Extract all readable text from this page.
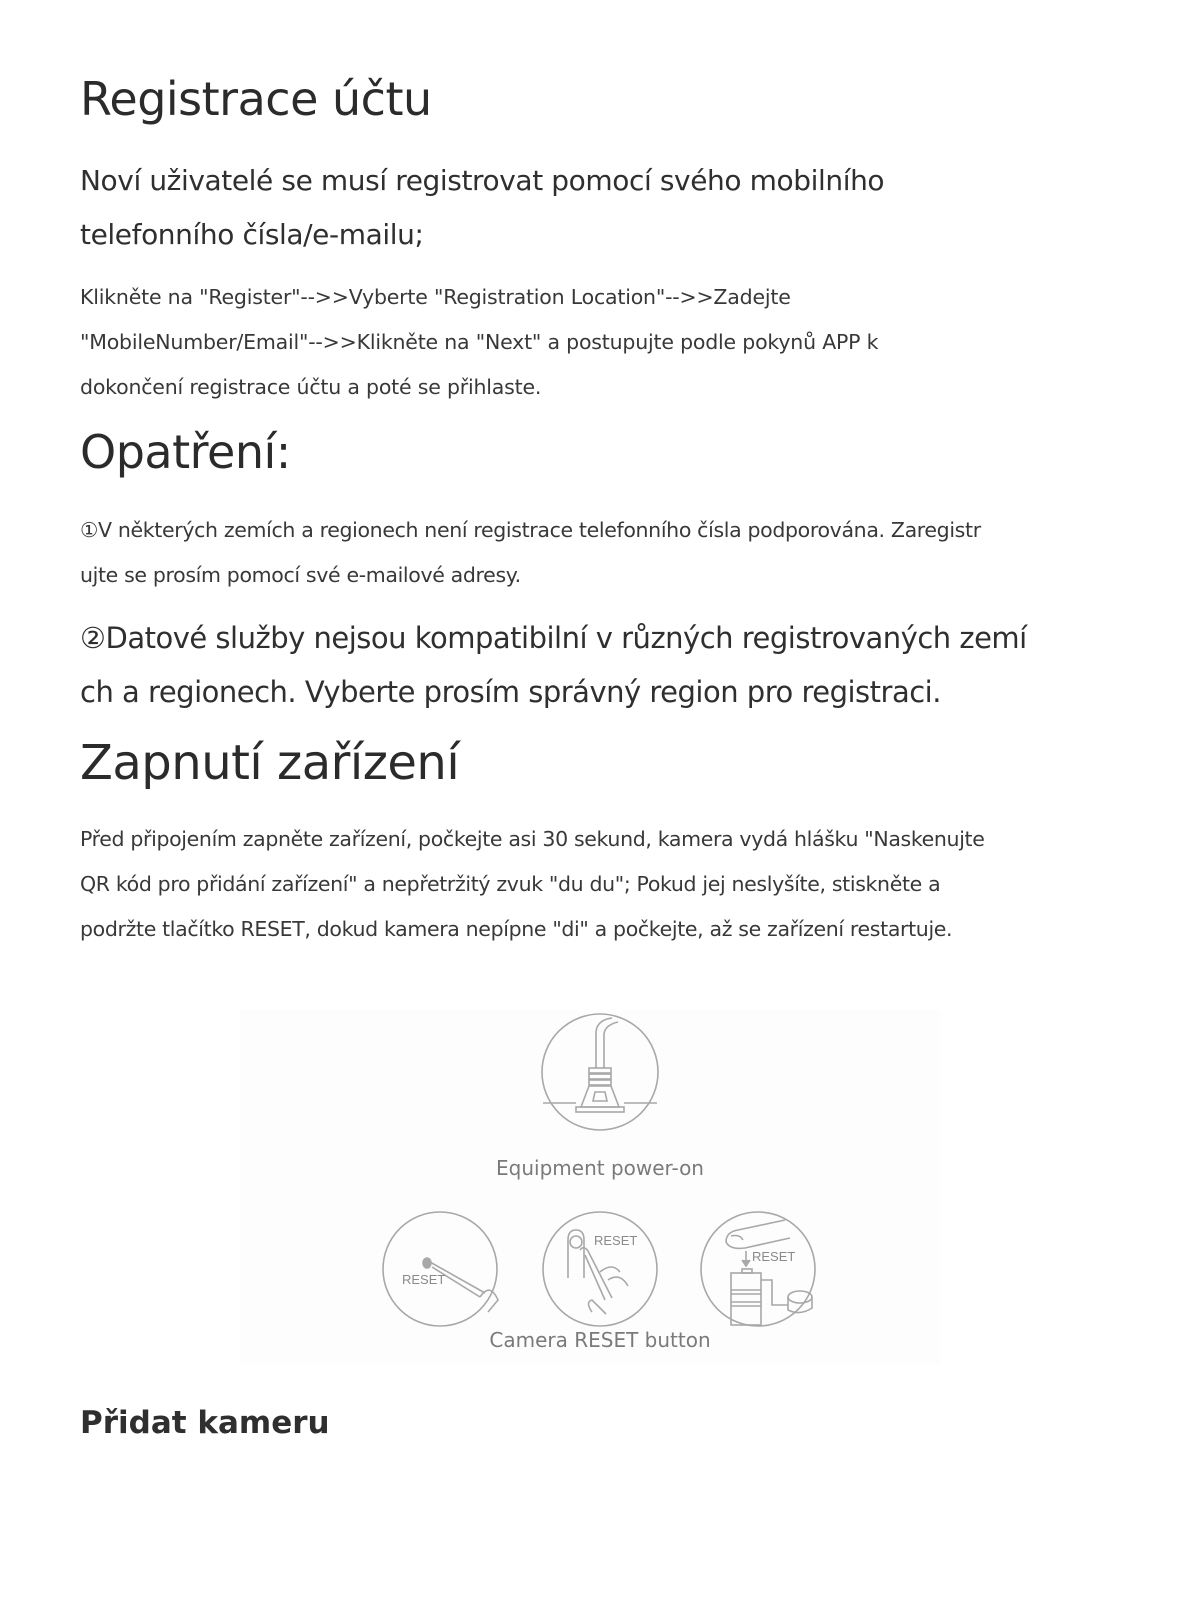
Registrace účtu

Noví uživatelé se musí registrovat pomocí svého mobilního
telefonního čísla/e-mailu;

Klikněte na "Register"-->>Vyberte "Registration Location"-->>Zadejte
"MobileNumber/Email"-->>Klikněte na "Next" a postupujte podle pokynů APP k
dokončení registrace účtu a poté se přihlaste.

Opatření:

①V některých zemích a regionech není registrace telefonního čísla podporována. Zaregistr
ujte se prosím pomocí své e-mailové adresy.

②Datové služby nejsou kompatibilní v různých registrovaných zemí
ch a regionech. Vyberte prosím správný region pro registraci.

Zapnutí zařízení

Před připojením zapněte zařízení, počkejte asi 30 sekund, kamera vydá hlášku "Naskenujte
QR kód pro přidání zařízení" a nepřetržitý zvuk "du du"; Pokud jej neslyšíte, stiskněte a
podržte tlačítko RESET, dokud kamera nepípne "di" a počkejte, až se zařízení restartuje.

RESET
RESET
RESET
Equipment power-on
Camera RESET button
Přidat kameru
